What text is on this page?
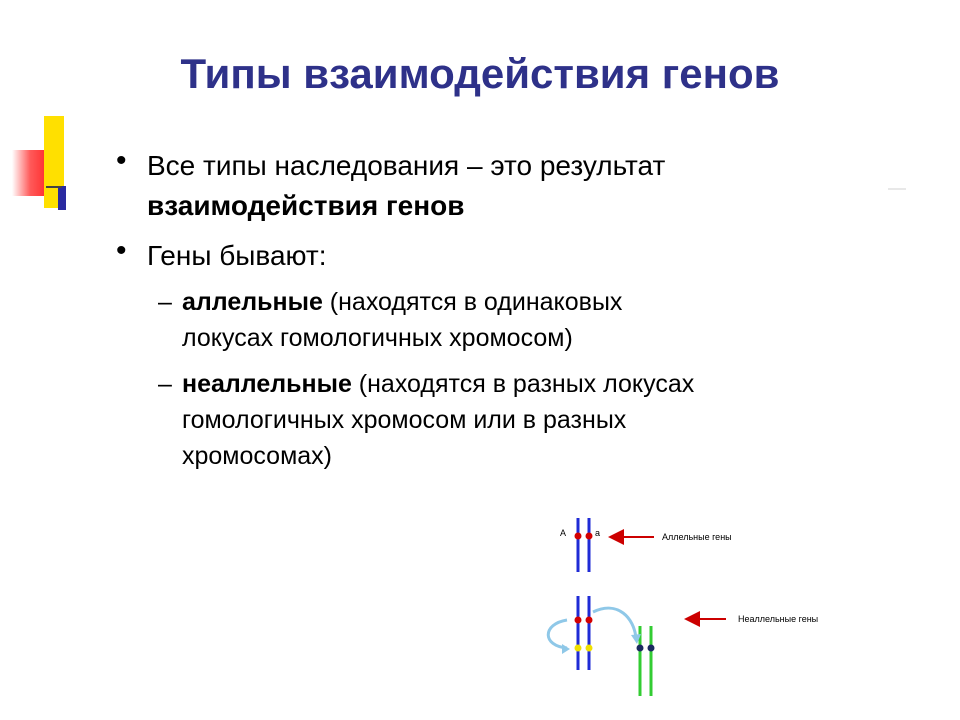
Типы взаимодействия генов
• Все типы наследования – это результат
взаимодействия генов
• Гены бывают:
– аллельные (находятся в одинаковых
локусах гомологичных хромосом)
– неаллельные (находятся в разных локусах
гомологичных хромосом или в разных
хромосомах)
A	a	Аллельные гены
Неаллельные гены
